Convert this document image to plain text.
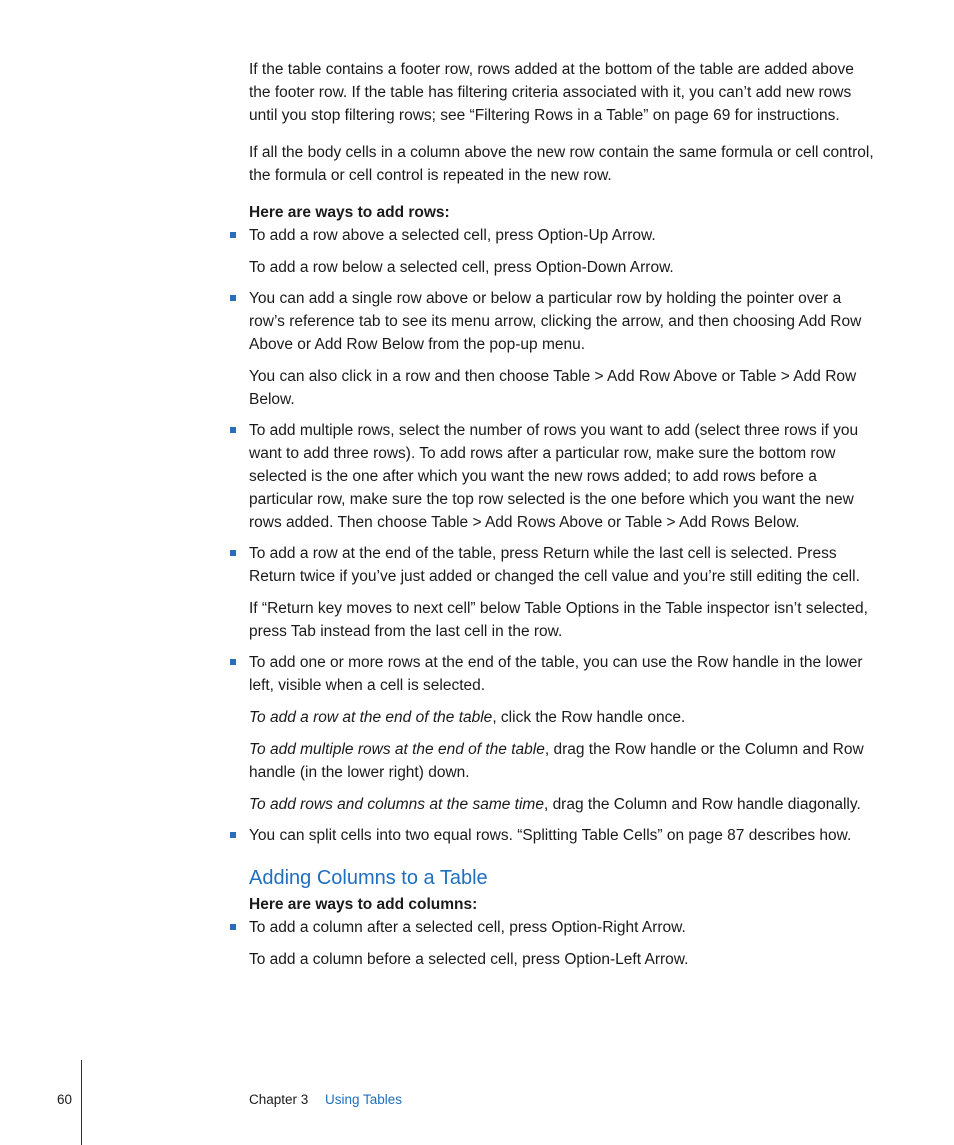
If the table contains a footer row, rows added at the bottom of the table are added above the footer row. If the table has filtering criteria associated with it, you can’t add new rows until you stop filtering rows; see “Filtering Rows in a Table” on page 69 for instructions.

If all the body cells in a column above the new row contain the same formula or cell control, the formula or cell control is repeated in the new row.

Here are ways to add rows:

To add a row above a selected cell, press Option-Up Arrow.

To add a row below a selected cell, press Option-Down Arrow.

You can add a single row above or below a particular row by holding the pointer over a row’s reference tab to see its menu arrow, clicking the arrow, and then choosing Add Row Above or Add Row Below from the pop-up menu.

You can also click in a row and then choose Table > Add Row Above or Table > Add Row Below.

To add multiple rows, select the number of rows you want to add (select three rows if you want to add three rows). To add rows after a particular row, make sure the bottom row selected is the one after which you want the new rows added; to add rows before a particular row, make sure the top row selected is the one before which you want the new rows added. Then choose Table > Add Rows Above or Table > Add Rows Below.

To add a row at the end of the table, press Return while the last cell is selected. Press Return twice if you’ve just added or changed the cell value and you’re still editing the cell.

If “Return key moves to next cell” below Table Options in the Table inspector isn’t selected, press Tab instead from the last cell in the row.

To add one or more rows at the end of the table, you can use the Row handle in the lower left, visible when a cell is selected.

To add a row at the end of the table, click the Row handle once.

To add multiple rows at the end of the table, drag the Row handle or the Column and Row handle (in the lower right) down.

To add rows and columns at the same time, drag the Column and Row handle diagonally.

You can split cells into two equal rows. “Splitting Table Cells” on page 87 describes how.

Adding Columns to a Table

Here are ways to add columns:

To add a column after a selected cell, press Option-Right Arrow.

To add a column before a selected cell, press Option-Left Arrow.

60	Chapter 3 Using Tables
